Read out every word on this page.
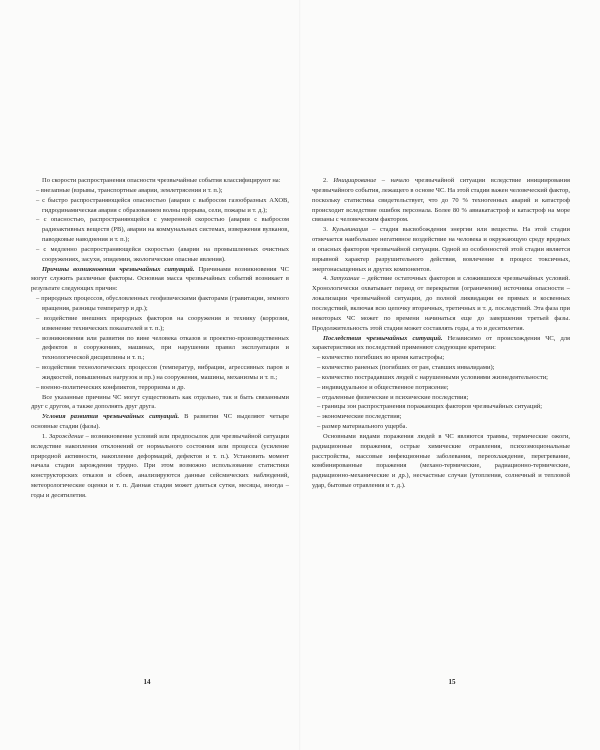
По скорости распространения опасности чрезвычайные события классифицируют на:

– внезапные (взрывы, транспортные аварии, землетрясения и т. п.);

– с быстро распространяющейся опасностью (аварии с выбросом газообразных АХОВ, гидродинамическая авария с образованием волны прорыва, сели, пожары и т. д.);

– с опасностью, распространяющейся с умеренной скоростью (аварии с выбросом радиоактивных веществ (РВ), аварии на коммунальных системах, извержения вулканов, паводковые наводнения и т. п.);

– с медленно распространяющейся скоростью (аварии на промышленных очистных сооружениях, засухи, эпидемии, экологические опасные явления).

Причины возникновения чрезвычайных ситуаций. Причинами возникновения ЧС могут служить различные факторы. Основная масса чрезвычайных событий возникает в результате следующих причин:

– природных процессов, обусловленных геофизическими факторами (гравитации, земного вращения, разницы температур и др.);

– воздействие внешних природных факторов на сооружения и технику (коррозия, изменение технических показателей и т. п.);

– возникновения или развития по вине человека отказов и проектно-производственных дефектов в сооружениях, машинах, при нарушении правил эксплуатации и технологической дисциплины и т. п.;

– воздействия технологических процессов (температур, вибрации, агрессивных паров и жидкостей, повышенных нагрузок и пр.) на сооружения, машины, механизмы и т. п.;

– военно-политических конфликтов, терроризма и др.

Все указанные причины ЧС могут существовать как отдельно, так и быть связанными друг с другом, а также дополнять друг друга.

Условия развития чрезвычайных ситуаций. В развитии ЧС выделяют четыре основные стадии (фазы).

1. Зарождение – возникновение условий или предпосылок для чрезвычайной ситуации вследствие накопления отклонений от нормального состояния или процесса (усиление природной активности, накопление деформаций, дефектов и т. п.). Установить момент начала стадии зарождения трудно. При этом возможно использование статистики конструкторских отказов и сбоев, анализируются данные сейсмических наблюдений, метеорологические оценки и т. п. Данная стадия может длиться сутки, месяцы, иногда – годы и десятилетия.

2. Инициирование – начало чрезвычайной ситуации вследствие инициирования чрезвычайного события, лежащего в основе ЧС. На этой стадии важен человеческий фактор, поскольку статистика свидетельствует, что до 70 % техногенных аварий и катастроф происходит вследствие ошибок персонала. Более 80 % авиакатастроф и катастроф на море связаны с человеческим фактором.

3. Кульминация – стадия высвобождения энергии или вещества. На этой стадии отмечается наибольшее негативное воздействие на человека и окружающую среду вредных и опасных факторов чрезвычайной ситуации. Одной из особенностей этой стадии является взрывной характер разрушительного действия, вовлечение в процесс токсичных, энергонасыщенных и других компонентов.

4. Затухание – действие остаточных факторов и сложившихся чрезвычайных условий. Хронологически охватывает период от перекрытия (ограничения) источника опасности – локализации чрезвычайной ситуации, до полной ликвидации ее прямых и косвенных последствий, включая всю цепочку вторичных, третичных и т. д. последствий. Эта фаза при некоторых ЧС может по времени начинаться еще до завершения третьей фазы. Продолжительность этой стадии может составлять годы, а то и десятилетия.

Последствия чрезвычайных ситуаций. Независимо от происхождения ЧС, для характеристики их последствий применяют следующие критерии:

– количество погибших во время катастрофы;

– количество раненых (погибших от ран, ставших инвалидами);

– количество пострадавших людей с нарушенными условиями жизнедеятельности;

– индивидуальное и общественное потрясение;

– отдаленные физические и психические последствия;

– границы зон распространения поражающих факторов чрезвычайных ситуаций;

– экономические последствия;

– размер материального ущерба.

Основными видами поражения людей в ЧС являются травмы, термические ожоги, радиационные поражения, острые химические отравления, психоэмоциональные расстройства, массовые инфекционные заболевания, переохлаждение, перегревание, комбинированные поражения (механо-термические, радиационно-термические, радиационно-механические и др.), несчастные случаи (утопления, солнечный и тепловой удар, бытовые отравления и т. д.).

14	15
